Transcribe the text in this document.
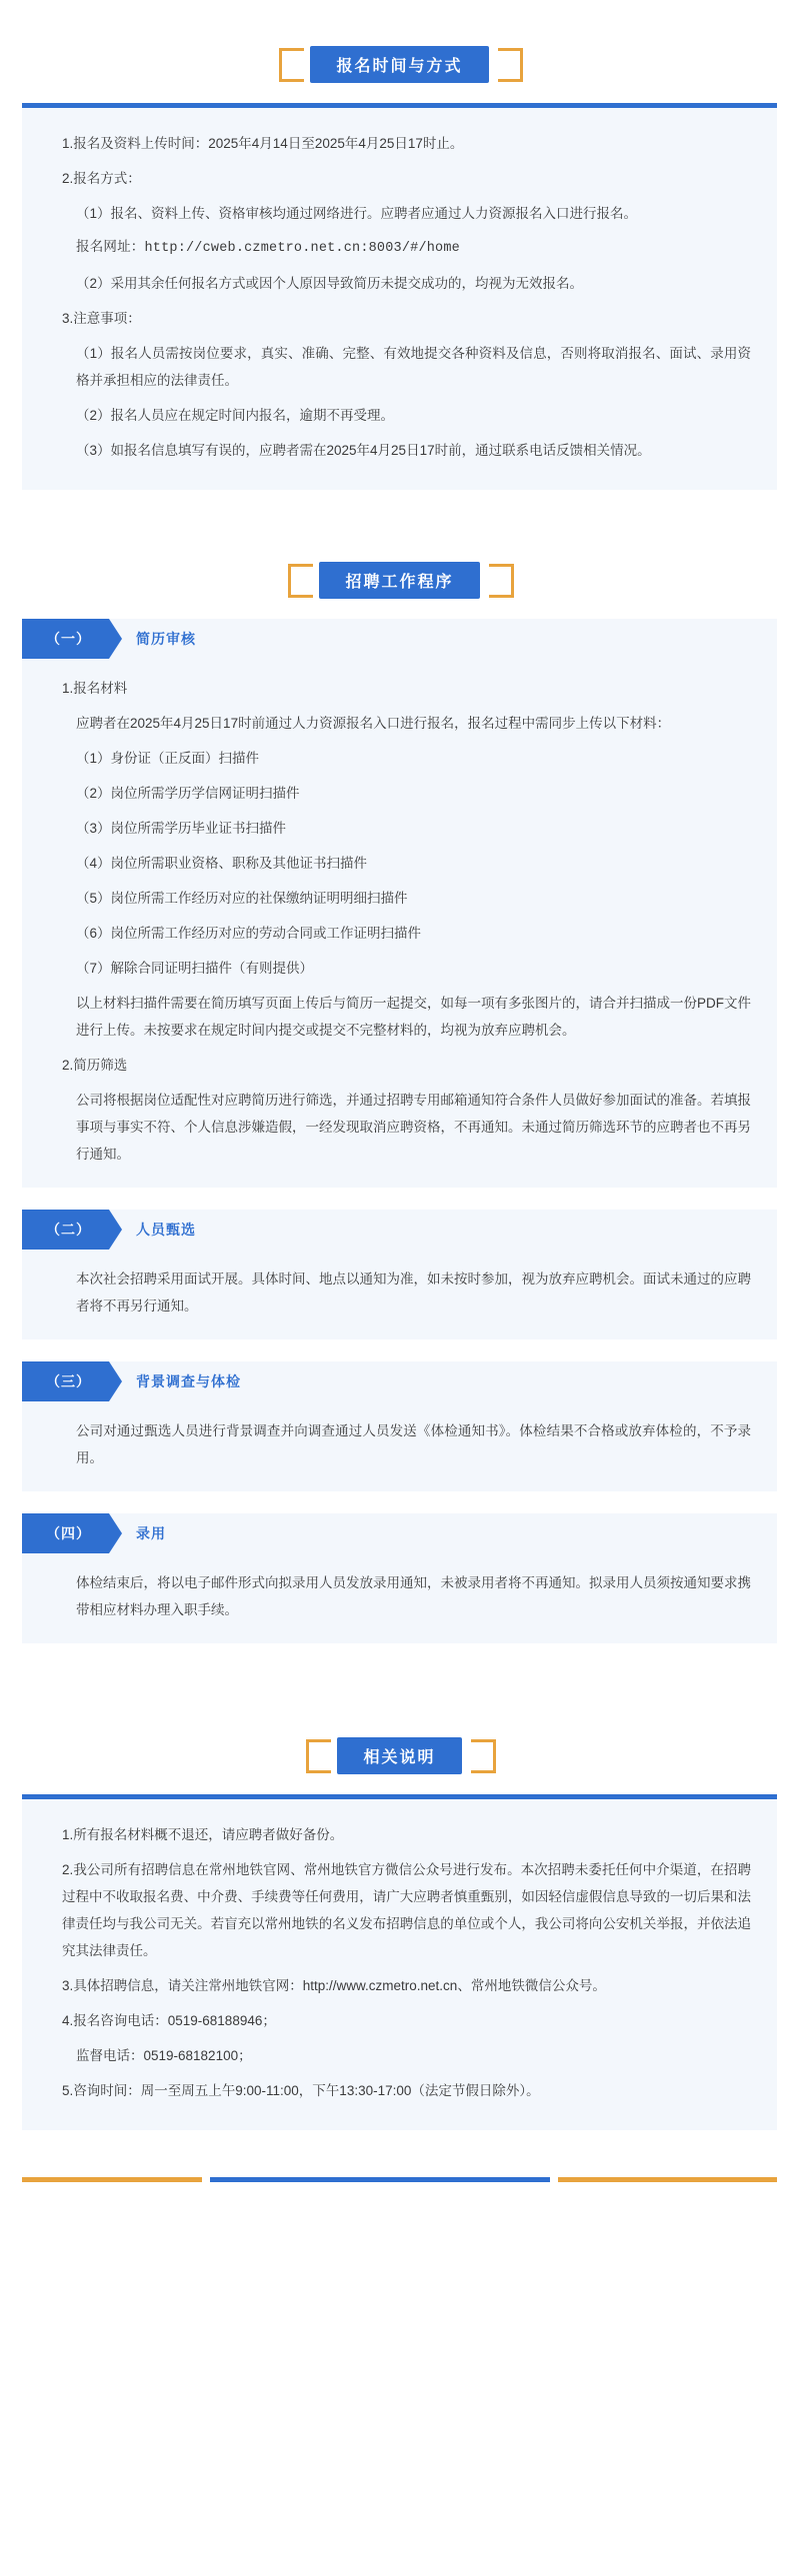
报名时间与方式

1.报名及资料上传时间：2025年4月14日至2025年4月25日17时止。

2.报名方式：

（1）报名、资料上传、资格审核均通过网络进行。应聘者应通过人力资源报名入口进行报名。

报名网址：http://cweb.czmetro.net.cn:8003/#/home

（2）采用其余任何报名方式或因个人原因导致简历未提交成功的，均视为无效报名。

3.注意事项：

（1）报名人员需按岗位要求，真实、准确、完整、有效地提交各种资料及信息，否则将取消报名、面试、录用资格并承担相应的法律责任。

（2）报名人员应在规定时间内报名，逾期不再受理。

（3）如报名信息填写有误的，应聘者需在2025年4月25日17时前，通过联系电话反馈相关情况。

招聘工作程序
（一）	简历审核

1.报名材料

应聘者在2025年4月25日17时前通过人力资源报名入口进行报名，报名过程中需同步上传以下材料：

（1）身份证（正反面）扫描件

（2）岗位所需学历学信网证明扫描件

（3）岗位所需学历毕业证书扫描件

（4）岗位所需职业资格、职称及其他证书扫描件

（5）岗位所需工作经历对应的社保缴纳证明明细扫描件

（6）岗位所需工作经历对应的劳动合同或工作证明扫描件

（7）解除合同证明扫描件（有则提供）

以上材料扫描件需要在简历填写页面上传后与简历一起提交，如每一项有多张图片的，请合并扫描成一份PDF文件进行上传。未按要求在规定时间内提交或提交不完整材料的，均视为放弃应聘机会。

2.简历筛选

公司将根据岗位适配性对应聘简历进行筛选，并通过招聘专用邮箱通知符合条件人员做好参加面试的准备。若填报事项与事实不符、个人信息涉嫌造假，一经发现取消应聘资格，不再通知。未通过简历筛选环节的应聘者也不再另行通知。

（二）	人员甄选

本次社会招聘采用面试开展。具体时间、地点以通知为准，如未按时参加，视为放弃应聘机会。面试未通过的应聘者将不再另行通知。

（三）	背景调查与体检

公司对通过甄选人员进行背景调查并向调查通过人员发送《体检通知书》。体检结果不合格或放弃体检的，不予录用。

（四）	录用

体检结束后，将以电子邮件形式向拟录用人员发放录用通知，未被录用者将不再通知。拟录用人员须按通知要求携带相应材料办理入职手续。

相关说明

1.所有报名材料概不退还，请应聘者做好备份。

2.我公司所有招聘信息在常州地铁官网、常州地铁官方微信公众号进行发布。本次招聘未委托任何中介渠道，在招聘过程中不收取报名费、中介费、手续费等任何费用，请广大应聘者慎重甄别，如因轻信虚假信息导致的一切后果和法律责任均与我公司无关。若盲充以常州地铁的名义发布招聘信息的单位或个人，我公司将向公安机关举报，并依法追究其法律责任。

3.具体招聘信息，请关注常州地铁官网：http://www.czmetro.net.cn、常州地铁微信公众号。

4.报名咨询电话：0519-68188946；

监督电话：0519-68182100；

5.咨询时间：周一至周五上午9:00-11:00，下午13:30-17:00（法定节假日除外）。
